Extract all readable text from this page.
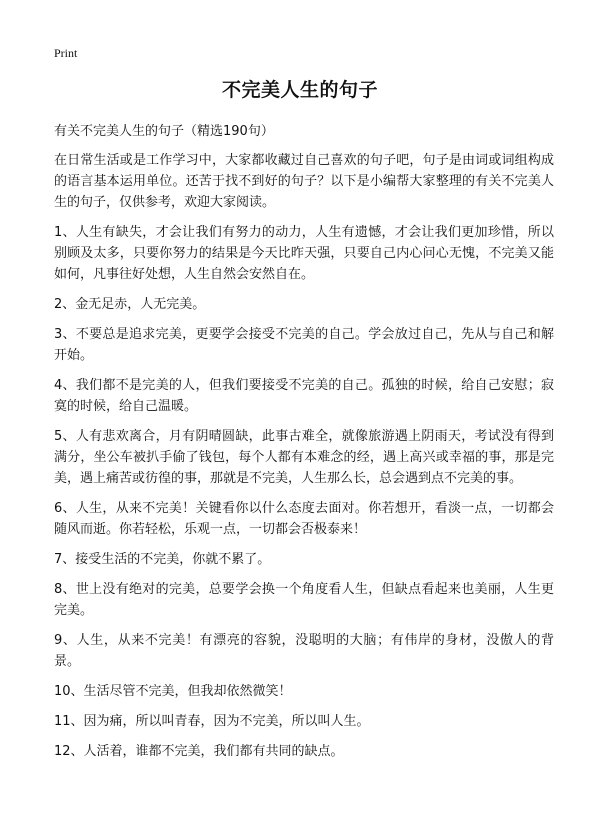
Print
不完美人生的句子

有关不完美人生的句子（精选190句）

在日常生活或是工作学习中，大家都收藏过自己喜欢的句子吧，句子是由词或词组构成的语言基本运用单位。还苦于找不到好的句子？以下是小编帮大家整理的有关不完美人生的句子，仅供参考，欢迎大家阅读。

1、人生有缺失，才会让我们有努力的动力，人生有遗憾，才会让我们更加珍惜，所以别顾及太多，只要你努力的结果是今天比昨天强，只要自己内心问心无愧，不完美又能如何，凡事往好处想，人生自然会安然自在。

2、金无足赤，人无完美。

3、不要总是追求完美，更要学会接受不完美的自己。学会放过自己，先从与自己和解开始。

4、我们都不是完美的人，但我们要接受不完美的自己。孤独的时候，给自己安慰；寂寞的时候，给自己温暖。

5、人有悲欢离合，月有阴晴圆缺，此事古难全，就像旅游遇上阴雨天，考试没有得到满分，坐公车被扒手偷了钱包，每个人都有本难念的经，遇上高兴或幸福的事，那是完美，遇上痛苦或彷徨的事，那就是不完美，人生那么长，总会遇到点不完美的事。

6、人生，从来不完美！关键看你以什么态度去面对。你若想开，看淡一点，一切都会随风而逝。你若轻松，乐观一点，一切都会否极泰来！

7、接受生活的不完美，你就不累了。

8、世上没有绝对的完美，总要学会换一个角度看人生，但缺点看起来也美丽，人生更完美。

9、人生，从来不完美！有漂亮的容貌，没聪明的大脑；有伟岸的身材，没傲人的背景。

10、生活尽管不完美，但我却依然微笑！

11、因为痛，所以叫青春，因为不完美，所以叫人生。

12、人活着，谁都不完美，我们都有共同的缺点。
